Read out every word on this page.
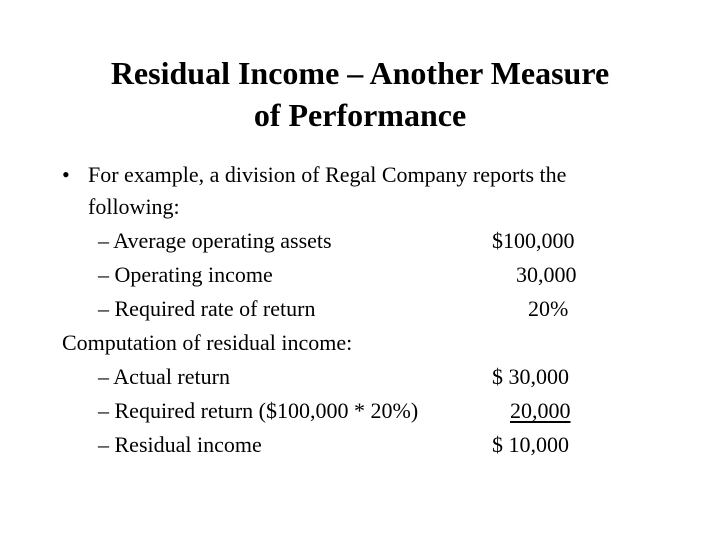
Residual Income – Another Measure
of Performance
• For example, a division of Regal Company reports the
following:
– Average operating assets	$100,000
– Operating income	30,000
– Required rate of return	20%
Computation of residual income:
– Actual return	$ 30,000
– Required return ($100,000 * 20%)	20,000
– Residual income	$ 10,000
